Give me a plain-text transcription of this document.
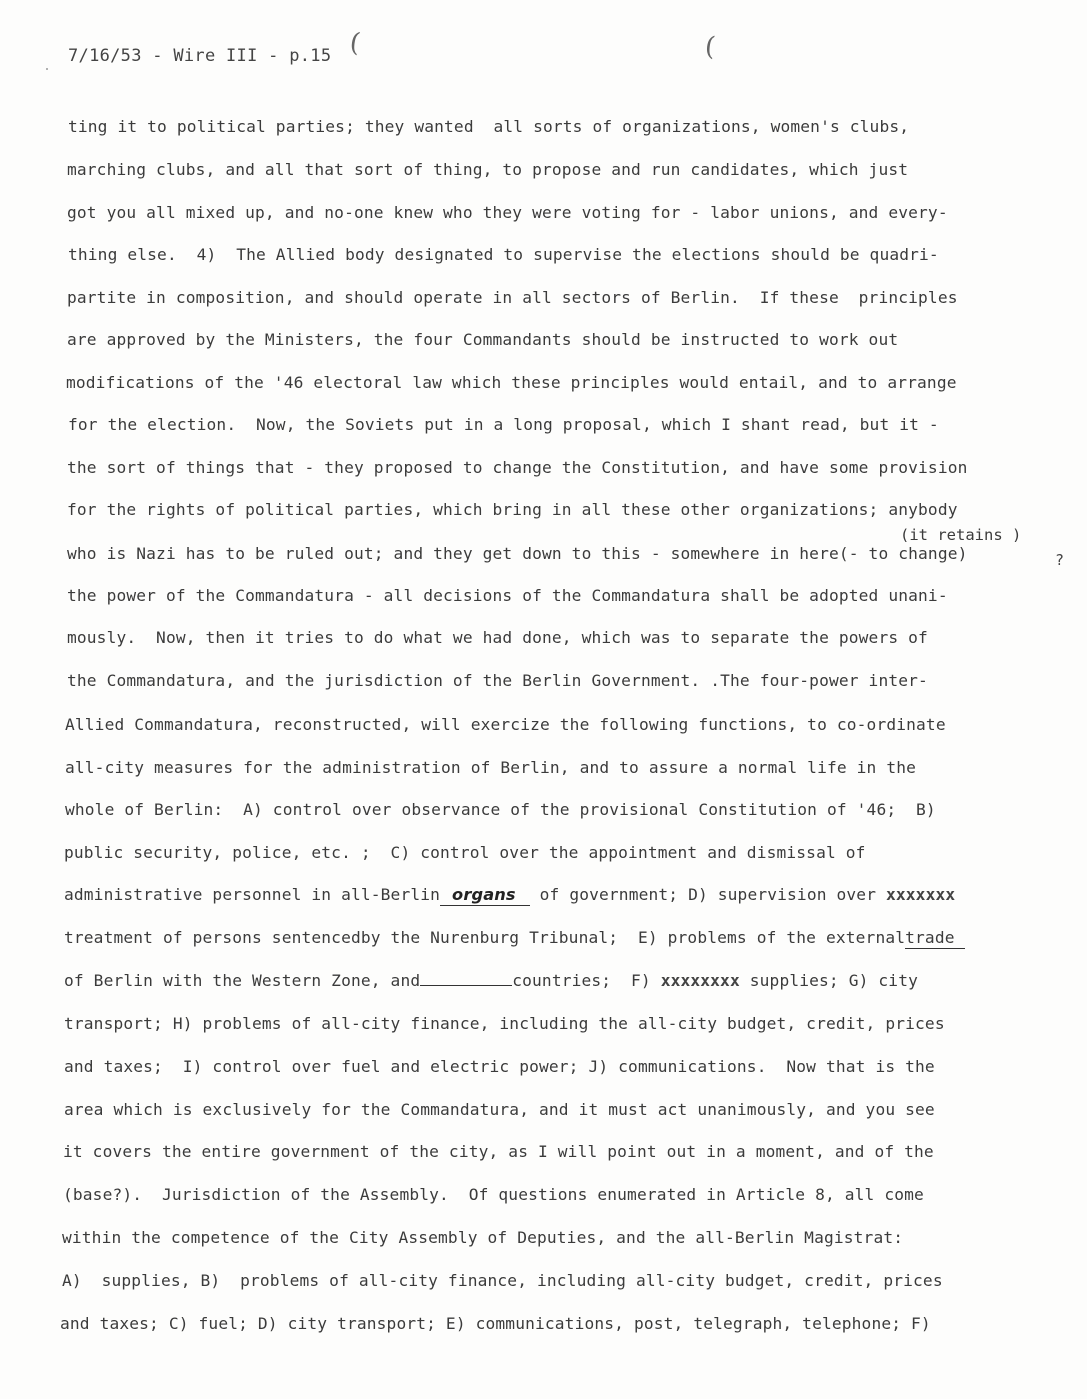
7/16/53 - Wire III - p.15 (	(
ting it to political parties; they wanted  all sorts of organizations, women's clubs,
marching clubs, and all that sort of thing, to propose and run candidates, which just
got you all mixed up, and no-one knew who they were voting for - labor unions, and every-
thing else.  4)  The Allied body designated to supervise the elections should be quadri-
partite in composition, and should operate in all sectors of Berlin.  If these  principles
are approved by the Ministers, the four Commandants should be instructed to work out
modifications of the '46 electoral law which these principles would entail, and to arrange
for the election.  Now, the Soviets put in a long proposal, which I shant read, but it -
the sort of things that - they proposed to change the Constitution, and have some provision
for the rights of political parties, which bring in all these other organizations; anybody
(it retains )
who is Nazi has to be ruled out; and they get down to this - somewhere in here(- to change)	?
the power of the Commandatura - all decisions of the Commandatura shall be adopted unani-
mously.  Now, then it tries to do what we had done, which was to separate the powers of
the Commandatura, and the jurisdiction of the Berlin Government. .The four-power inter-
Allied Commandatura, reconstructed, will exercize the following functions, to co-ordinate
all-city measures for the administration of Berlin, and to assure a normal life in the
whole of Berlin:  A) control over observance of the provisional Constitution of '46;  B)
public security, police, etc. ;  C) control over the appointment and dismissal of
administrative personnel in all-Berlin organs of government; D) supervision over xxxxxxx
treatment of persons sentencedby the Nurenburg Tribunal;  E) problems of the externaltrade
of Berlin with the Western Zone, and	countries;  F) xxxxxxxx supplies; G) city
transport; H) problems of all-city finance, including the all-city budget, credit, prices
and taxes;  I) control over fuel and electric power; J) communications.  Now that is the
area which is exclusively for the Commandatura, and it must act unanimously, and you see
it covers the entire government of the city, as I will point out in a moment, and of the
(base?).  Jurisdiction of the Assembly.  Of questions enumerated in Article 8, all come
within the competence of the City Assembly of Deputies, and the all-Berlin Magistrat:
A)  supplies, B)  problems of all-city finance, including all-city budget, credit, prices
and taxes; C) fuel; D) city transport; E) communications, post, telegraph, telephone; F)
